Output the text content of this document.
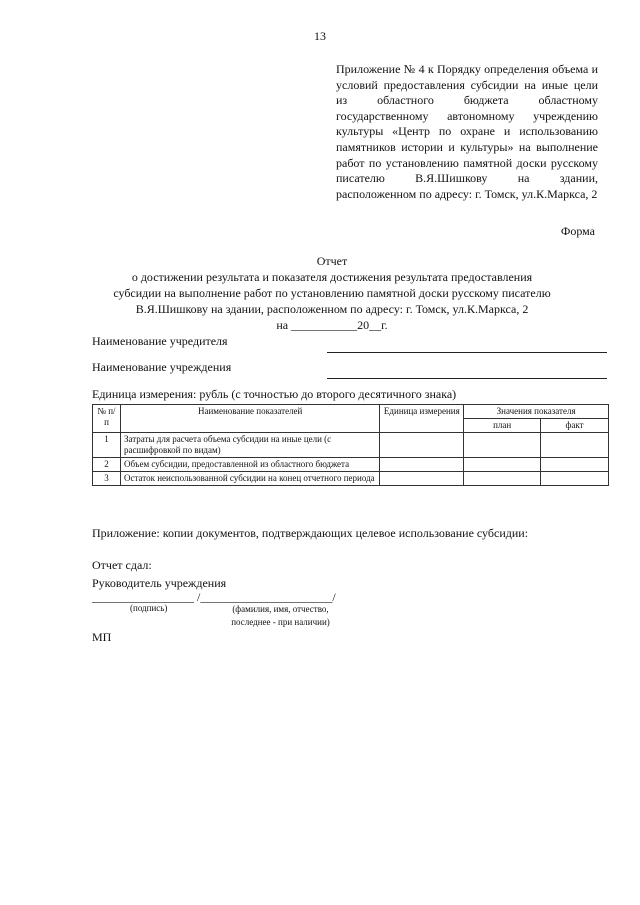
13

Приложение № 4 к Порядку определения объема и условий предоставления субсидии на иные цели из областного бюджета областному государственному автономному учреждению культуры «Центр по охране и использованию памятников истории и культуры» на выполнение работ по установлению памятной доски русскому писателю В.Я.Шишкову на здании, расположенном по адресу: г. Томск, ул.К.Маркса, 2

Форма
Отчет
о достижении результата и показателя достижения результата предоставления
субсидии на выполнение работ по установлению памятной доски русскому писателю
В.Я.Шишкову на здании, расположенном по адресу: г. Томск, ул.К.Маркса, 2
на ___________20__г.
Наименование учредителя
Наименование учреждения
Единица измерения: рубль (с точностью до второго десятичного знака)
№ п/п	Наименование показателей	Единица измерения	Значения показателя	
			план	факт
1	Затраты для расчета объема субсидии на иные цели (с расшифровкой по видам)			
2	Объем субсидии, предоставленной из областного бюджета			
3	Остаток неиспользованной субсидии на конец отчетного периода			
Приложение: копии документов, подтверждающих целевое использование субсидии:
Отчет сдал:
Руководитель учреждения
_________________ /______________________/
(подпись)	(фамилия, имя, отчество,
последнее - при наличии)
МП
